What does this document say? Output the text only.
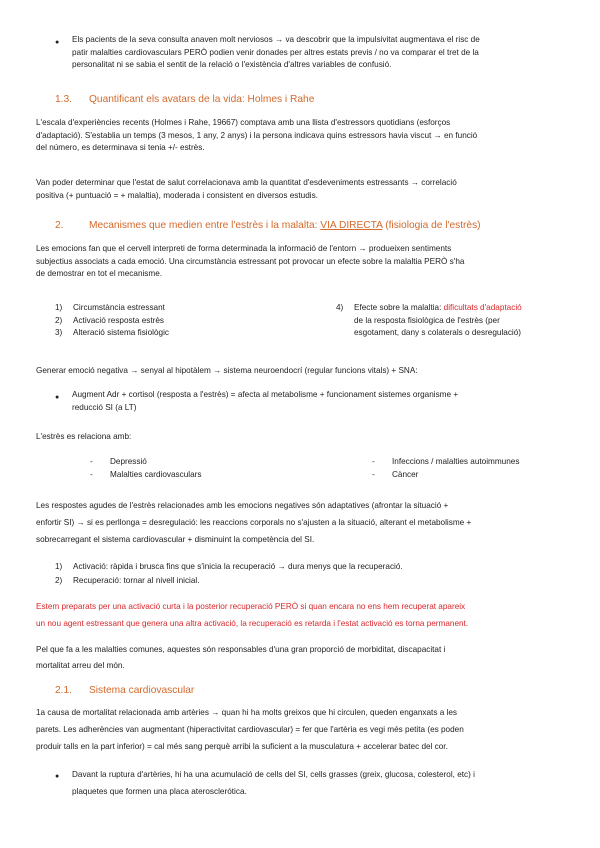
● Els pacients de la seva consulta anaven molt nerviosos → va descobrir que la impulsivitat augmentava el risc de

patir malalties cardiovasculars PERÒ podien venir donades per altres estats previs / no va comparar el tret de la

personalitat ni se sabia el sentit de la relació o l'existència d'altres variables de confusió.

1.3. Quantificant els avatars de la vida: Holmes i Rahe

L'escala d'experiències recents (Holmes i Rahe, 19667) comptava amb una llista d'estressors quotidians (esforços

d'adaptació). S'establia un temps (3 mesos, 1 any, 2 anys) i la persona indicava quins estressors havia viscut → en funció

del número, es determinava si tenia +/- estrès.

Van poder determinar que l'estat de salut correlacionava amb la quantitat d'esdeveniments estressants → correlació

positiva (+ puntuació = + malaltia), moderada i consistent en diversos estudis.

2.	Mecanismes que medien entre l'estrès i la malalta: VIA DIRECTA (fisiologia de l'estrès)

Les emocions fan que el cervell interpreti de forma determinada la informació de l'entorn → produeixen sentiments

subjectius associats a cada emoció. Una circumstància estressant pot provocar un efecte sobre la malaltia PERÒ s'ha

de demostrar en tot el mecanisme.

1) Circumstància estressant
2) Activació resposta estrès
3) Alteració sistema fisiològic
4) Efecte sobre la malaltia: dificultats d'adaptació
de la resposta fisiològica de l'estrès (per
esgotament, dany s colaterals o desregulació)

Generar emoció negativa → senyal al hipotàlem → sistema neuroendocrí (regular funcions vitals) + SNA:

● Augment Adr + cortisol (resposta a l'estrès) = afecta al metabolisme + funcionament sistemes organisme +

reducció SI (a LT)

L'estrès es relaciona amb:

- Depressió
- Malalties cardiovasculars
- Infeccions / malalties autoimmunes
- Càncer

Les respostes agudes de l'estrès relacionades amb les emocions negatives són adaptatives (afrontar la situació +

enfortir SI) → si es perllonga = desregulació: les reaccions corporals no s'ajusten a la situació, alterant el metabolisme +

sobrecarregant el sistema cardiovascular + disminuint la competència del SI.

1) Activació: ràpida i brusca fins que s'inicia la recuperació → dura menys que la recuperació.
2) Recuperació: tornar al nivell inicial.

Estem preparats per una activació curta i la posterior recuperació PERÒ si quan encara no ens hem recuperat apareix

un nou agent estressant que genera una altra activació, la recuperació es retarda i l'estat activació es torna permanent.

Pel que fa a les malalties comunes, aquestes són responsables d'una gran proporció de morbiditat, discapacitat i

mortalitat arreu del món.

2.1. Sistema cardiovascular

1a causa de mortalitat relacionada amb artèries → quan hi ha molts greixos que hi circulen, queden enganxats a les

parets. Les adherències van augmentant (hiperactivitat cardiovascular) = fer que l'artèria es vegi més petita (es poden

produir talls en la part inferior) = cal més sang perquè arribi la suficient a la musculatura + accelerar batec del cor.

● Davant la ruptura d'artèries, hi ha una acumulació de cells del SI, cells grasses (greix, glucosa, colesterol, etc) i

plaquetes que formen una placa aterosclerótica.
